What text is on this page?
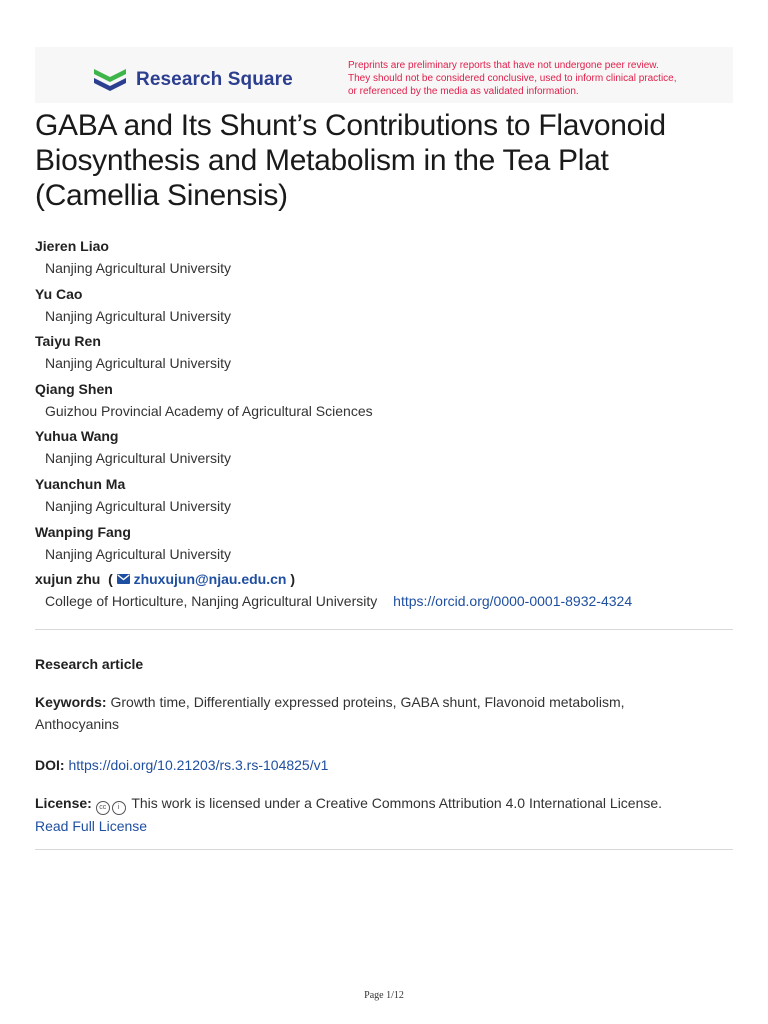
Research Square
Preprints are preliminary reports that have not undergone peer review.
They should not be considered conclusive, used to inform clinical practice,
or referenced by the media as validated information.
GABA and Its Shunt’s Contributions to Flavonoid
Biosynthesis and Metabolism in the Tea Plat
(Camellia Sinensis)
Jieren Liao
Nanjing Agricultural University
Yu Cao
Nanjing Agricultural University
Taiyu Ren
Nanjing Agricultural University
Qiang Shen
Guizhou Provincial Academy of Agricultural Sciences
Yuhua Wang
Nanjing Agricultural University
Yuanchun Ma
Nanjing Agricultural University
Wanping Fang
Nanjing Agricultural University
xujun zhu  ( zhuxujun@njau.edu.cn )
College of Horticulture, Nanjing Agricultural University https://orcid.org/0000-0001-8932-4324
Research article
Keywords: Growth time, Differentially expressed proteins, GABA shunt, Flavonoid metabolism,
Anthocyanins
DOI: https://doi.org/10.21203/rs.3.rs-104825/v1
License: cc i This work is licensed under a Creative Commons Attribution 4.0 International License.
Read Full License
Page 1/12
